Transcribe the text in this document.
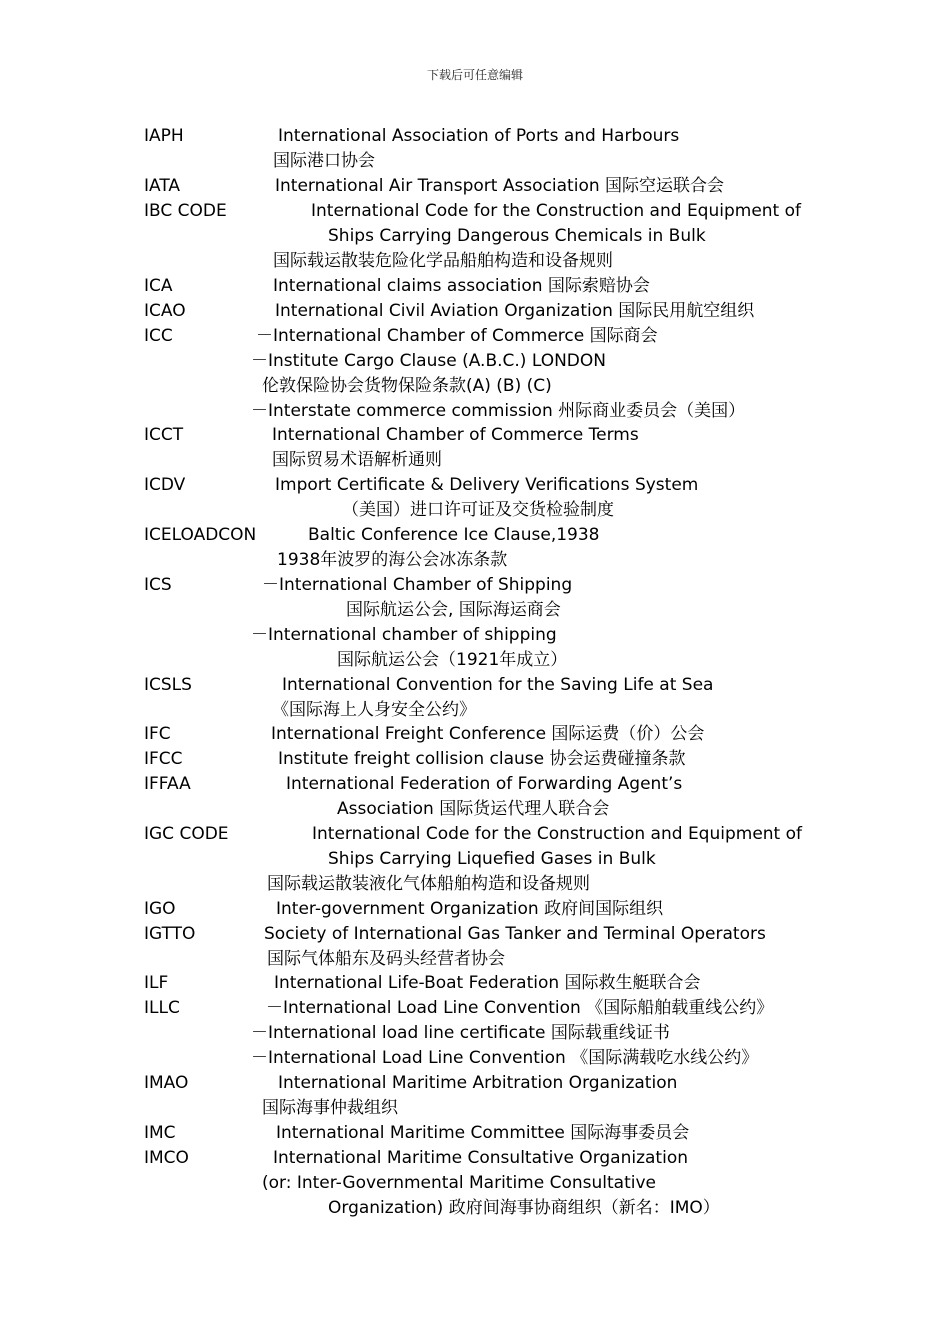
下载后可任意编辑
IAPH	International Association of Ports and Harbours
国际港口协会
IATA	International Air Transport Association 国际空运联合会
IBC CODE	International Code for the Construction and Equipment of
Ships Carrying Dangerous Chemicals in Bulk
国际载运散装危险化学品船舶构造和设备规则
ICA	International claims association 国际索赔协会
ICAO	International Civil Aviation Organization 国际民用航空组织
ICC	－International Chamber of Commerce 国际商会
－Institute Cargo Clause (A.B.C.) LONDON
伦敦保险协会货物保险条款(A) (B) (C)
－Interstate commerce commission 州际商业委员会（美国）
ICCT	International Chamber of Commerce Terms
国际贸易术语解析通则
ICDV	Import Certificate & Delivery Verifications System
（美国）进口许可证及交货检验制度
ICELOADCON	Baltic Conference Ice Clause,1938
1938年波罗的海公会冰冻条款
ICS	－International Chamber of Shipping
国际航运公会, 国际海运商会
－International chamber of shipping
国际航运公会（1921年成立）
ICSLS	International Convention for the Saving Life at Sea
《国际海上人身安全公约》
IFC	International Freight Conference 国际运费（价）公会
IFCC	Institute freight collision clause 协会运费碰撞条款
IFFAA	International Federation of Forwarding Agent’s
Association 国际货运代理人联合会
IGC CODE	International Code for the Construction and Equipment of
Ships Carrying Liquefied Gases in Bulk
国际载运散装液化气体船舶构造和设备规则
IGO	Inter-government Organization 政府间国际组织
IGTTO	Society of International Gas Tanker and Terminal Operators
国际气体船东及码头经营者协会
ILF	International Life-Boat Federation 国际救生艇联合会
ILLC	－International Load Line Convention 《国际船舶载重线公约》
－International load line certificate 国际载重线证书
－International Load Line Convention 《国际满载吃水线公约》
IMAO	International Maritime Arbitration Organization
国际海事仲裁组织
IMC	International Maritime Committee 国际海事委员会
IMCO	International Maritime Consultative Organization
(or: Inter-Governmental Maritime Consultative
Organization) 政府间海事协商组织（新名：IMO）
